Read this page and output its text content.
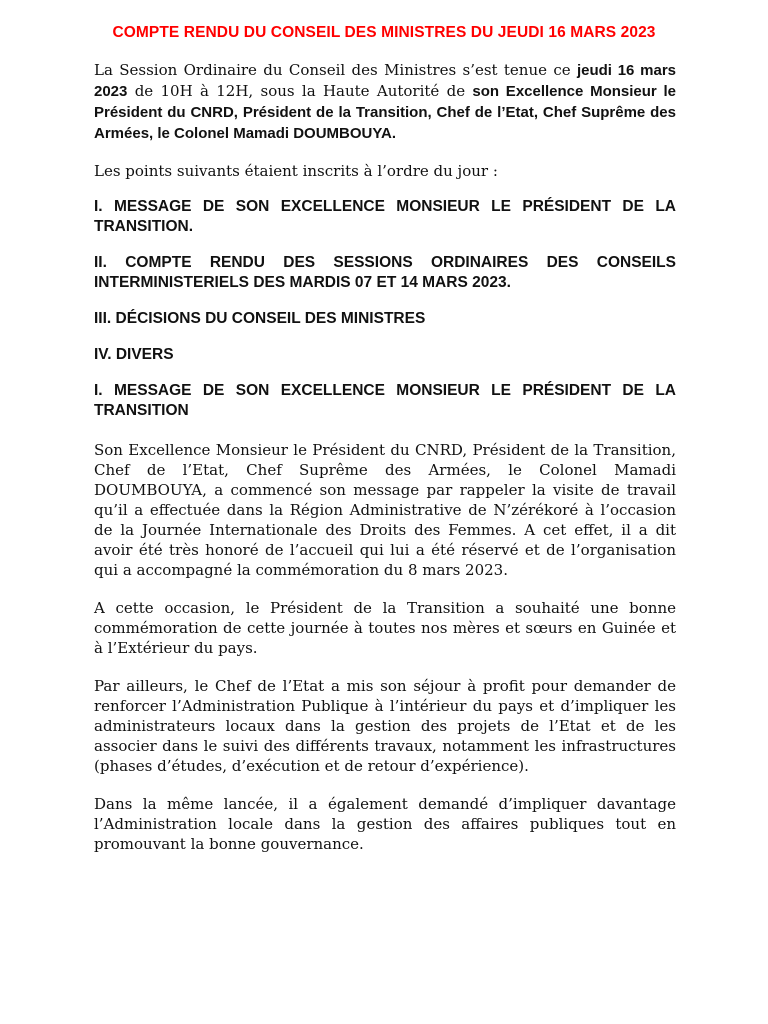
COMPTE RENDU DU CONSEIL DES MINISTRES DU JEUDI 16 MARS 2023

La Session Ordinaire du Conseil des Ministres s’est tenue ce jeudi 16 mars 2023 de 10H à 12H, sous la Haute Autorité de son Excellence Monsieur le Président du CNRD, Président de la Transition, Chef de l’Etat, Chef Suprême des Armées, le Colonel Mamadi DOUMBOUYA.

Les points suivants étaient inscrits à l’ordre du jour :

I. MESSAGE DE SON EXCELLENCE MONSIEUR LE PRÉSIDENT DE LA TRANSITION.
II. COMPTE RENDU DES SESSIONS ORDINAIRES DES CONSEILS INTERMINISTERIELS DES MARDIS 07 ET 14 MARS 2023.
III. DÉCISIONS DU CONSEIL DES MINISTRES
IV. DIVERS
I. MESSAGE DE SON EXCELLENCE MONSIEUR LE PRÉSIDENT DE LA TRANSITION

Son Excellence Monsieur le Président du CNRD, Président de la Transition, Chef de l’Etat, Chef Suprême des Armées, le Colonel Mamadi DOUMBOUYA, a commencé son message par rappeler la visite de travail qu’il a effectuée dans la Région Administrative de N’zérékoré à l’occasion de la Journée Internationale des Droits des Femmes. A cet effet, il a dit avoir été très honoré de l’accueil qui lui a été réservé et de l’organisation qui a accompagné la commémoration du 8 mars 2023.

A cette occasion, le Président de la Transition a souhaité une bonne commémoration de cette journée à toutes nos mères et sœurs en Guinée et à l’Extérieur du pays.

Par ailleurs, le Chef de l’Etat a mis son séjour à profit pour demander de renforcer l’Administration Publique à l’intérieur du pays et d’impliquer les administrateurs locaux dans la gestion des projets de l’Etat et de les associer dans le suivi des différents travaux, notamment les infrastructures (phases d’études, d’exécution et de retour d’expérience).

Dans la même lancée, il a également demandé d’impliquer davantage l’Administration locale dans la gestion des affaires publiques tout en promouvant la bonne gouvernance.
